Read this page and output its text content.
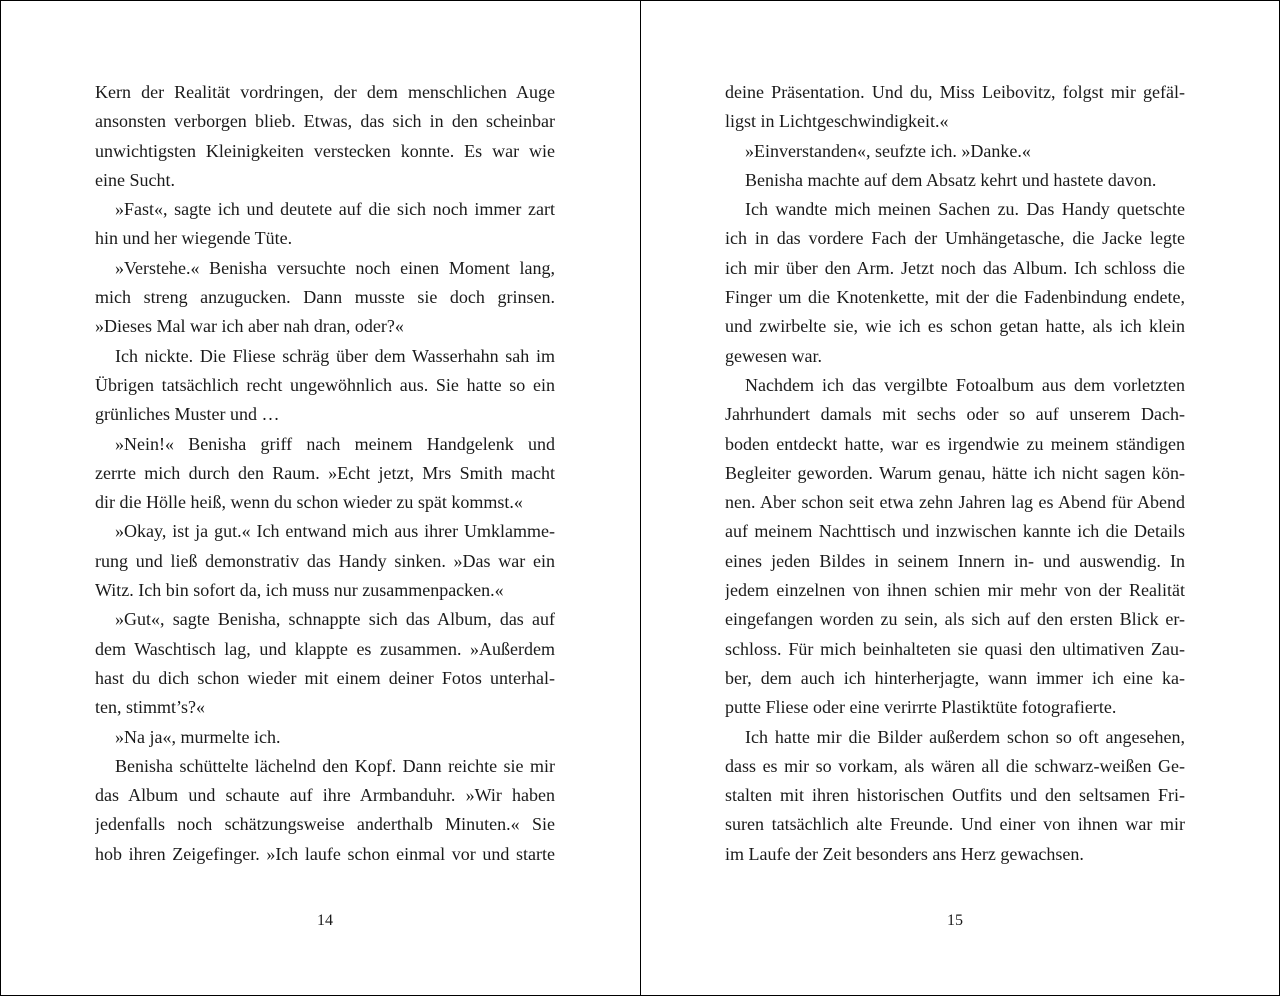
Kern der Realität vordringen, der dem menschlichen Auge
ansonsten verborgen blieb. Etwas, das sich in den scheinbar
unwichtigsten Kleinigkeiten verstecken konnte. Es war wie
eine Sucht.
»Fast«, sagte ich und deutete auf die sich noch immer zart
hin und her wiegende Tüte.
»Verstehe.« Benisha versuchte noch einen Moment lang,
mich streng anzugucken. Dann musste sie doch grinsen.
»Dieses Mal war ich aber nah dran, oder?«
Ich nickte. Die Fliese schräg über dem Wasserhahn sah im
Übrigen tatsächlich recht ungewöhnlich aus. Sie hatte so ein
grünliches Muster und …
»Nein!« Benisha griff nach meinem Handgelenk und
zerrte mich durch den Raum. »Echt jetzt, Mrs Smith macht
dir die Hölle heiß, wenn du schon wieder zu spät kommst.«
»Okay, ist ja gut.« Ich entwand mich aus ihrer Umklamme-
rung und ließ demonstrativ das Handy sinken. »Das war ein
Witz. Ich bin sofort da, ich muss nur zusammenpacken.«
»Gut«, sagte Benisha, schnappte sich das Album, das auf
dem Waschtisch lag, und klappte es zusammen. »Außerdem
hast du dich schon wieder mit einem deiner Fotos unterhal-
ten, stimmt’s?«
»Na ja«, murmelte ich.
Benisha schüttelte lächelnd den Kopf. Dann reichte sie mir
das Album und schaute auf ihre Armbanduhr. »Wir haben
jedenfalls noch schätzungsweise anderthalb Minuten.« Sie
hob ihren Zeigefinger. »Ich laufe schon einmal vor und starte
deine Präsentation. Und du, Miss Leibovitz, folgst mir gefäl-
ligst in Lichtgeschwindigkeit.«
»Einverstanden«, seufzte ich. »Danke.«
Benisha machte auf dem Absatz kehrt und hastete davon.
Ich wandte mich meinen Sachen zu. Das Handy quetschte
ich in das vordere Fach der Umhängetasche, die Jacke legte
ich mir über den Arm. Jetzt noch das Album. Ich schloss die
Finger um die Knotenkette, mit der die Fadenbindung endete,
und zwirbelte sie, wie ich es schon getan hatte, als ich klein
gewesen war.
Nachdem ich das vergilbte Fotoalbum aus dem vorletzten
Jahrhundert damals mit sechs oder so auf unserem Dach-
boden entdeckt hatte, war es irgendwie zu meinem ständigen
Begleiter geworden. Warum genau, hätte ich nicht sagen kön-
nen. Aber schon seit etwa zehn Jahren lag es Abend für Abend
auf meinem Nachttisch und inzwischen kannte ich die Details
eines jeden Bildes in seinem Innern in- und auswendig. In
jedem einzelnen von ihnen schien mir mehr von der Realität
eingefangen worden zu sein, als sich auf den ersten Blick er-
schloss. Für mich beinhalteten sie quasi den ultimativen Zau-
ber, dem auch ich hinterherjagte, wann immer ich eine ka-
putte Fliese oder eine verirrte Plastiktüte fotografierte.
Ich hatte mir die Bilder außerdem schon so oft angesehen,
dass es mir so vorkam, als wären all die schwarz-weißen Ge-
stalten mit ihren historischen Outfits und den seltsamen Fri-
suren tatsächlich alte Freunde. Und einer von ihnen war mir
im Laufe der Zeit besonders ans Herz gewachsen.
14	15
